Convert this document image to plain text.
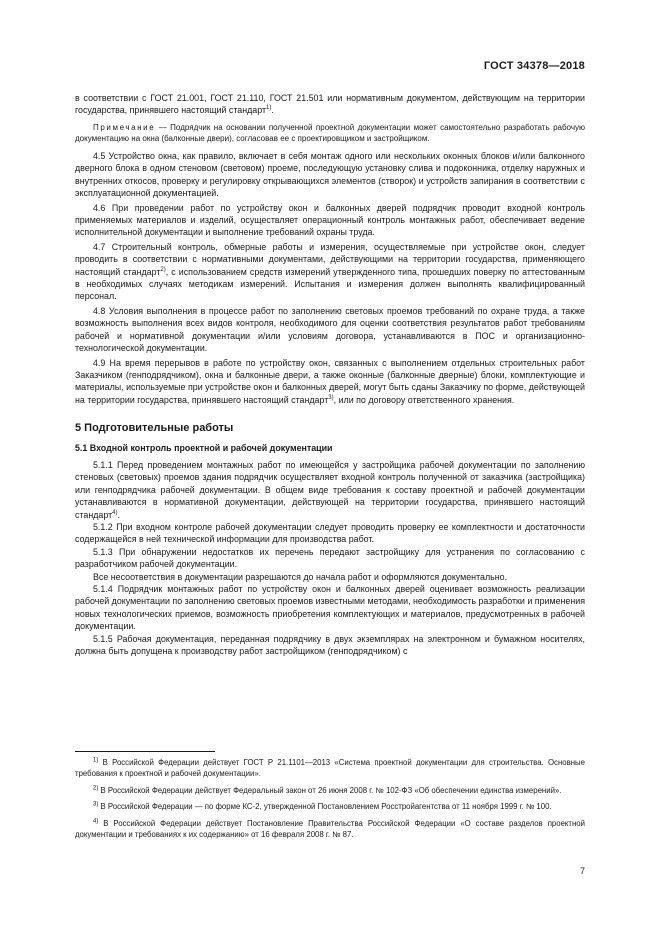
ГОСТ 34378—2018

в соответствии с ГОСТ 21.001, ГОСТ 21.110, ГОСТ 21.501 или нормативным документом, действующим на территории государства, принявшего настоящий стандарт$^{1)}$.

Примечание — Подрядчик на основании полученной проектной документации может самостоятельно разработать рабочую документацию на окна (балконные двери), согласовав ее с проектировщиком и застройщиком.

4.5 Устройство окна, как правило, включает в себя монтаж одного или нескольких оконных блоков и/или балконного дверного блока в одном стеновом (световом) проеме, последующую установку слива и подоконника, отделку наружных и внутренних откосов, проверку и регулировку открывающихся элементов (створок) и устройств запирания в соответствии с эксплуатационной документацией.

4.6 При проведении работ по устройству окон и балконных дверей подрядчик проводит входной контроль применяемых материалов и изделий, осуществляет операционный контроль монтажных работ, обеспечивает ведение исполнительной документации и выполнение требований охраны труда.

4.7 Строительный контроль, обмерные работы и измерения, осуществляемые при устройстве окон, следует проводить в соответствии с нормативными документами, действующими на территории государства, применяющего настоящий стандарт$^{2)}$, с использованием средств измерений утвержденного типа, прошедших поверку по аттестованным в необходимых случаях методикам измерений. Испытания и измерения должен выполнять квалифицированный персонал.

4.8 Условия выполнения в процессе работ по заполнению световых проемов требований по охране труда, а также возможность выполнения всех видов контроля, необходимого для оценки соответствия результатов работ требованиям рабочей и нормативной документации и/или условиям договора, устанавливаются в ПОС и организационно-технологической документации.

4.9 На время перерывов в работе по устройству окон, связанных с выполнением отдельных строительных работ Заказчиком (генподрядчиком), окна и балконные двери, а также оконные (балконные дверные) блоки, комплектующие и материалы, используемые при устройстве окон и балконных дверей, могут быть сданы Заказчику по форме, действующей на территории государства, принявшего настоящий стандарт$^{3)}$, или по договору ответственного хранения.

5 Подготовительные работы
5.1 Входной контроль проектной и рабочей документации

5.1.1 Перед проведением монтажных работ по имеющейся у застройщика рабочей документации по заполнению стеновых (световых) проемов здания подрядчик осуществляет входной контроль полученной от заказчика (застройщика) или генподрядчика рабочей документации. В общем виде требования к составу проектной и рабочей документации устанавливаются в нормативной документации, действующей на территории государства, принявшего настоящий стандарт$^{4)}$.

5.1.2 При входном контроле рабочей документации следует проводить проверку ее комплектности и достаточности содержащейся в ней технической информации для производства работ.

5.1.3 При обнаружении недостатков их перечень передают застройщику для устранения по согласованию с разработчиком рабочей документации.

Все несоответствия в документации разрешаются до начала работ и оформляются документально.

5.1.4 Подрядчик монтажных работ по устройству окон и балконных дверей оценивает возможность реализации рабочей документации по заполнению световых проемов известными методами, необходимость разработки и применения новых технологических приемов, возможность приобретения комплектующих и материалов, предусмотренных в рабочей документации.

5.1.5 Рабочая документация, переданная подрядчику в двух экземплярах на электронном и бумажном носителях, должна быть допущена к производству работ застройщиком (генподрядчиком) с

$^{1)}$ В Российской Федерации действует ГОСТ Р 21.1101—2013 «Система проектной документации для строительства. Основные требования к проектной и рабочей документации».

$^{2)}$ В Российской Федерации действует Федеральный закон от 26 июня 2008 г. № 102-ФЗ «Об обеспечении единства измерений».

$^{3)}$ В Российской Федерации — по форме КС-2, утвержденной Постановлением Росстройагентства от 11 ноября 1999 г. № 100.

$^{4)}$ В Российской Федерации действует Постановление Правительства Российской Федерации «О составе разделов проектной документации и требованиях к их содержанию» от 16 февраля 2008 г. № 87.

7
